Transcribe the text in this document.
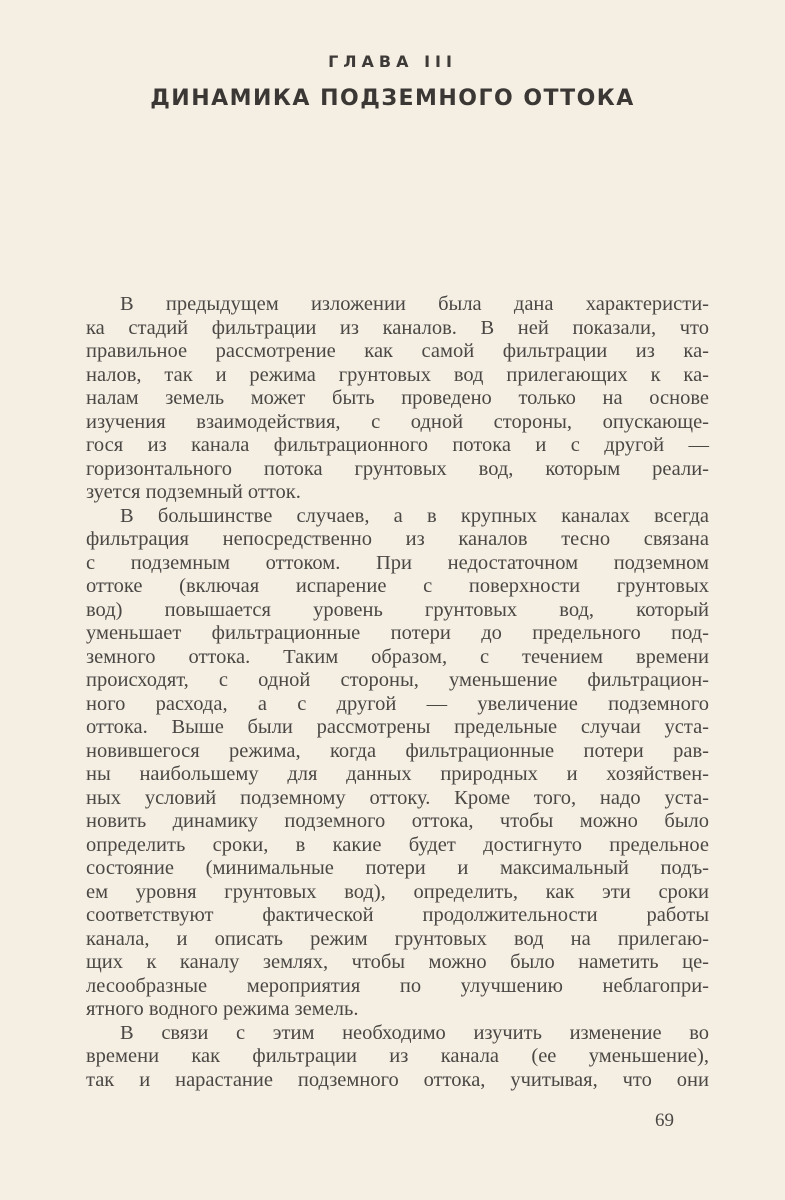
ГЛАВА III
ДИНАМИКА ПОДЗЕМНОГО ОТТОКА
В предыдущем изложении была дана характеристи-
ка стадий фильтрации из каналов. В ней показали, что
правильное рассмотрение как самой фильтрации из ка-
налов, так и режима грунтовых вод прилегающих к ка-
налам земель может быть проведено только на основе
изучения взаимодействия, с одной стороны, опускающе-
гося из канала фильтрационного потока и с другой —
горизонтального потока грунтовых вод, которым реали-
зуется подземный отток.
В большинстве случаев, а в крупных каналах всегда
фильтрация непосредственно из каналов тесно связана
с подземным оттоком. При недостаточном подземном
оттоке (включая испарение с поверхности грунтовых
вод) повышается уровень грунтовых вод, который
уменьшает фильтрационные потери до предельного под-
земного оттока. Таким образом, с течением времени
происходят, с одной стороны, уменьшение фильтрацион-
ного расхода, а с другой — увеличение подземного
оттока. Выше были рассмотрены предельные случаи уста-
новившегося режима, когда фильтрационные потери рав-
ны наибольшему для данных природных и хозяйствен-
ных условий подземному оттоку. Кроме того, надо уста-
новить динамику подземного оттока, чтобы можно было
определить сроки, в какие будет достигнуто предельное
состояние (минимальные потери и максимальный подъ-
ем уровня грунтовых вод), определить, как эти сроки
соответствуют фактической продолжительности работы
канала, и описать режим грунтовых вод на прилегаю-
щих к каналу землях, чтобы можно было наметить це-
лесообразные мероприятия по улучшению неблагопри-
ятного водного режима земель.
В связи с этим необходимо изучить изменение во
времени как фильтрации из канала (ее уменьшение),
так и нарастание подземного оттока, учитывая, что они
69
